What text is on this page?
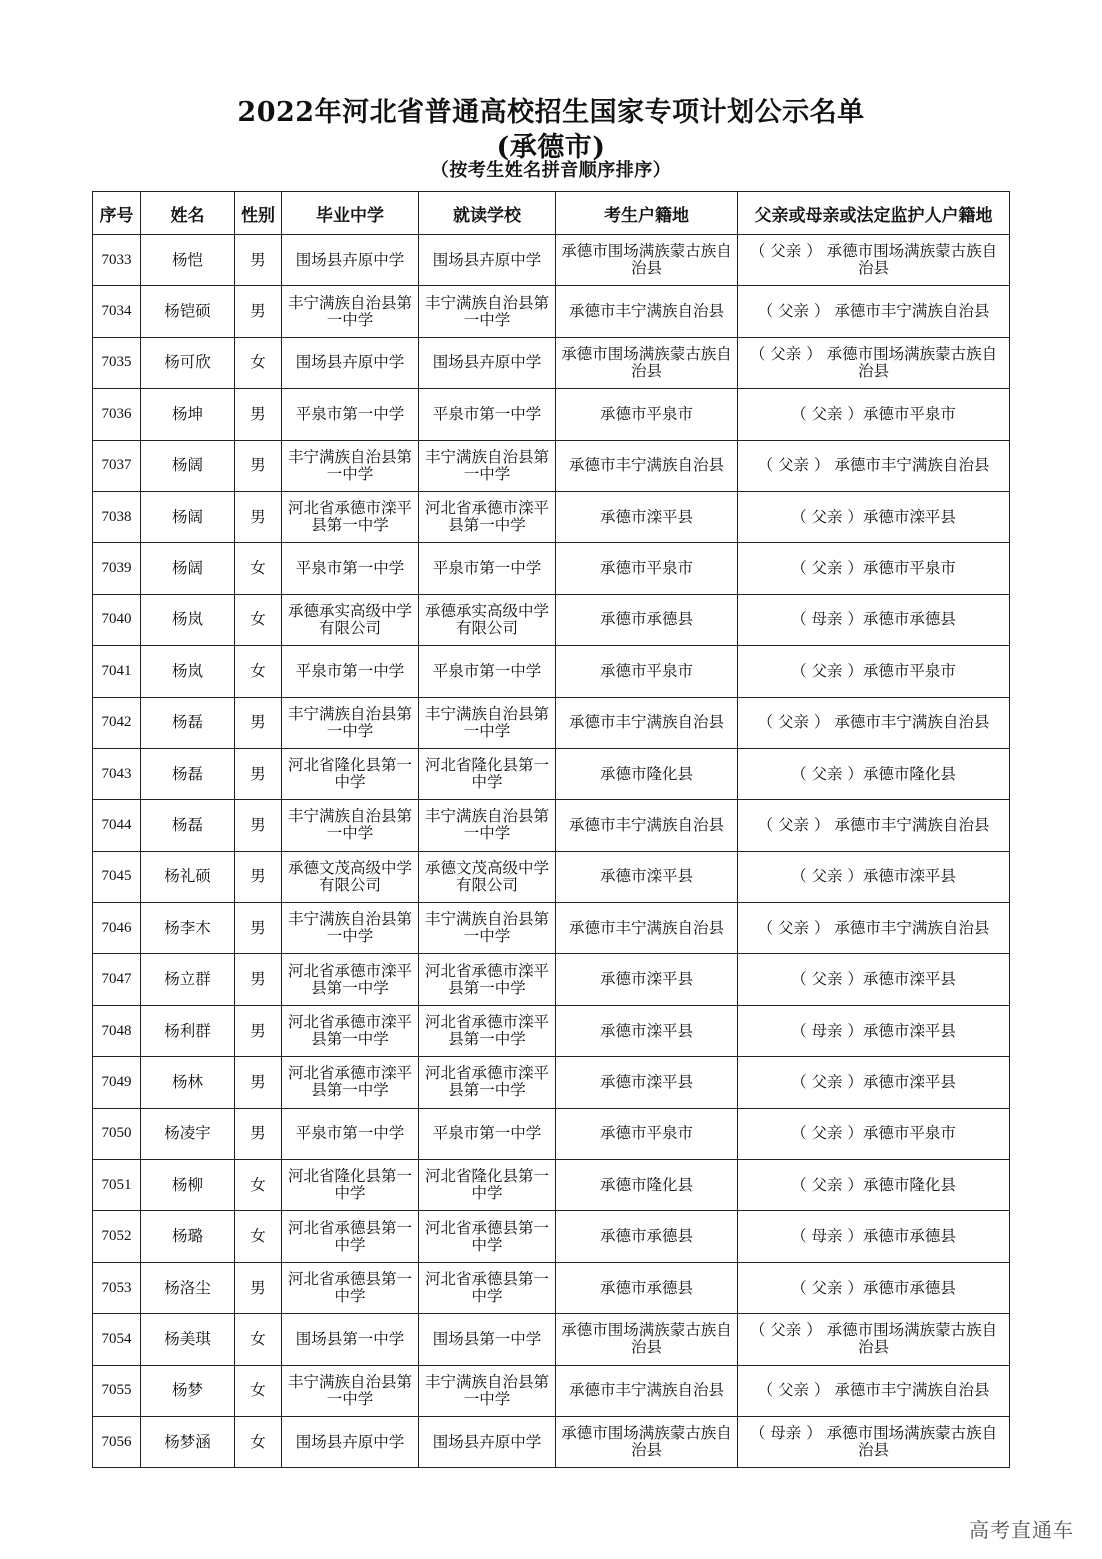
2022年河北省普通高校招生国家专项计划公示名单
(承德市)
（按考生姓名拼音顺序排序）
序号	姓名	性别	毕业中学	就读学校	考生户籍地	父亲或母亲或法定监护人户籍地
7033	杨恺	男	围场县卉原中学	围场县卉原中学	承德市围场满族蒙古族自治县	（ 父亲 ） 承德市围场满族蒙古族自治县
7034	杨铠硕	男	丰宁满族自治县第一中学	丰宁满族自治县第一中学	承德市丰宁满族自治县	（ 父亲 ） 承德市丰宁满族自治县
7035	杨可欣	女	围场县卉原中学	围场县卉原中学	承德市围场满族蒙古族自治县	（ 父亲 ） 承德市围场满族蒙古族自治县
7036	杨坤	男	平泉市第一中学	平泉市第一中学	承德市平泉市	（ 父亲 ）承德市平泉市
7037	杨阔	男	丰宁满族自治县第一中学	丰宁满族自治县第一中学	承德市丰宁满族自治县	（ 父亲 ） 承德市丰宁满族自治县
7038	杨阔	男	河北省承德市滦平县第一中学	河北省承德市滦平县第一中学	承德市滦平县	（ 父亲 ）承德市滦平县
7039	杨阔	女	平泉市第一中学	平泉市第一中学	承德市平泉市	（ 父亲 ）承德市平泉市
7040	杨岚	女	承德承实高级中学有限公司	承德承实高级中学有限公司	承德市承德县	（ 母亲 ）承德市承德县
7041	杨岚	女	平泉市第一中学	平泉市第一中学	承德市平泉市	（ 父亲 ）承德市平泉市
7042	杨磊	男	丰宁满族自治县第一中学	丰宁满族自治县第一中学	承德市丰宁满族自治县	（ 父亲 ） 承德市丰宁满族自治县
7043	杨磊	男	河北省隆化县第一中学	河北省隆化县第一中学	承德市隆化县	（ 父亲 ）承德市隆化县
7044	杨磊	男	丰宁满族自治县第一中学	丰宁满族自治县第一中学	承德市丰宁满族自治县	（ 父亲 ） 承德市丰宁满族自治县
7045	杨礼硕	男	承德文茂高级中学有限公司	承德文茂高级中学有限公司	承德市滦平县	（ 父亲 ）承德市滦平县
7046	杨李木	男	丰宁满族自治县第一中学	丰宁满族自治县第一中学	承德市丰宁满族自治县	（ 父亲 ） 承德市丰宁满族自治县
7047	杨立群	男	河北省承德市滦平县第一中学	河北省承德市滦平县第一中学	承德市滦平县	（ 父亲 ）承德市滦平县
7048	杨利群	男	河北省承德市滦平县第一中学	河北省承德市滦平县第一中学	承德市滦平县	（ 母亲 ）承德市滦平县
7049	杨林	男	河北省承德市滦平县第一中学	河北省承德市滦平县第一中学	承德市滦平县	（ 父亲 ）承德市滦平县
7050	杨凌宇	男	平泉市第一中学	平泉市第一中学	承德市平泉市	（ 父亲 ）承德市平泉市
7051	杨柳	女	河北省隆化县第一中学	河北省隆化县第一中学	承德市隆化县	（ 父亲 ）承德市隆化县
7052	杨璐	女	河北省承德县第一中学	河北省承德县第一中学	承德市承德县	（ 母亲 ）承德市承德县
7053	杨洛尘	男	河北省承德县第一中学	河北省承德县第一中学	承德市承德县	（ 父亲 ）承德市承德县
7054	杨美琪	女	围场县第一中学	围场县第一中学	承德市围场满族蒙古族自治县	（ 父亲 ） 承德市围场满族蒙古族自治县
7055	杨梦	女	丰宁满族自治县第一中学	丰宁满族自治县第一中学	承德市丰宁满族自治县	（ 父亲 ） 承德市丰宁满族自治县
7056	杨梦涵	女	围场县卉原中学	围场县卉原中学	承德市围场满族蒙古族自治县	（ 母亲 ） 承德市围场满族蒙古族自治县
高考直通车
